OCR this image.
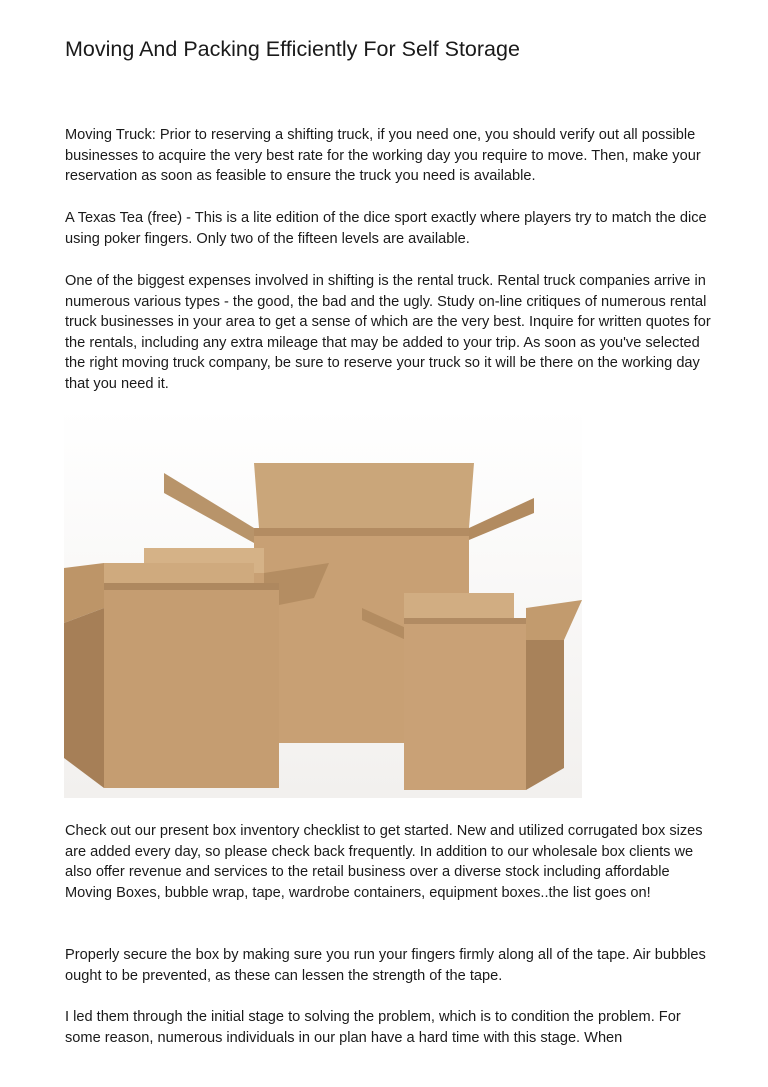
Moving And Packing Efficiently For Self Storage

Moving Truck: Prior to reserving a shifting truck, if you need one, you should verify out all possible businesses to acquire the very best rate for the working day you require to move. Then, make your reservation as soon as feasible to ensure the truck you need is available.

A Texas Tea (free) - This is a lite edition of the dice sport exactly where players try to match the dice using poker fingers. Only two of the fifteen levels are available.

One of the biggest expenses involved in shifting is the rental truck. Rental truck companies arrive in numerous various types - the good, the bad and the ugly. Study on-line critiques of numerous rental truck businesses in your area to get a sense of which are the very best. Inquire for written quotes for the rentals, including any extra mileage that may be added to your trip. As soon as you've selected the right moving truck company, be sure to reserve your truck so it will be there on the working day that you need it.

Check out our present box inventory checklist to get started. New and utilized corrugated box sizes are added every day, so please check back frequently. In addition to our wholesale box clients we also offer revenue and services to the retail business over a diverse stock including affordable Moving Boxes, bubble wrap, tape, wardrobe containers, equipment boxes..the list goes on!

Properly secure the box by making sure you run your fingers firmly along all of the tape. Air bubbles ought to be prevented, as these can lessen the strength of the tape.

I led them through the initial stage to solving the problem, which is to condition the problem. For some reason, numerous individuals in our plan have a hard time with this stage. When
